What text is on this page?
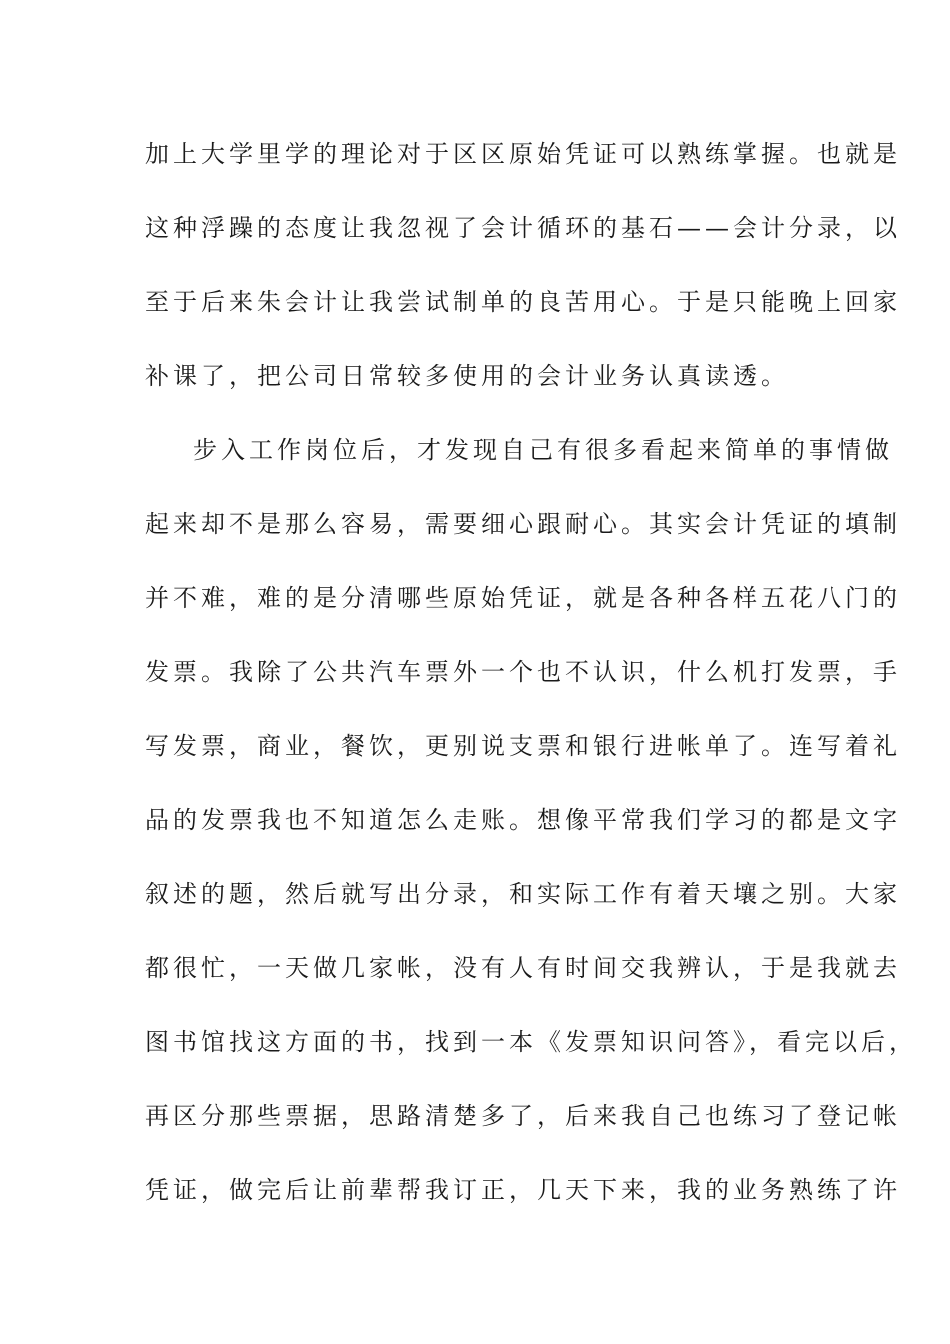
加上大学里学的理论对于区区原始凭证可以熟练掌握。也就是
这种浮躁的态度让我忽视了会计循环的基石——会计分录，以
至于后来朱会计让我尝试制单的良苦用心。于是只能晚上回家
补课了，把公司日常较多使用的会计业务认真读透。
步入工作岗位后，才发现自己有很多看起来简单的事情做
起来却不是那么容易，需要细心跟耐心。其实会计凭证的填制
并不难，难的是分清哪些原始凭证，就是各种各样五花八门的
发票。我除了公共汽车票外一个也不认识，什么机打发票，手
写发票，商业，餐饮，更别说支票和银行进帐单了。连写着礼
品的发票我也不知道怎么走账。想像平常我们学习的都是文字
叙述的题，然后就写出分录，和实际工作有着天壤之别。大家
都很忙，一天做几家帐，没有人有时间交我辨认，于是我就去
图书馆找这方面的书，找到一本《发票知识问答》，看完以后，
再区分那些票据，思路清楚多了，后来我自己也练习了登记帐
凭证，做完后让前辈帮我订正，几天下来，我的业务熟练了许
